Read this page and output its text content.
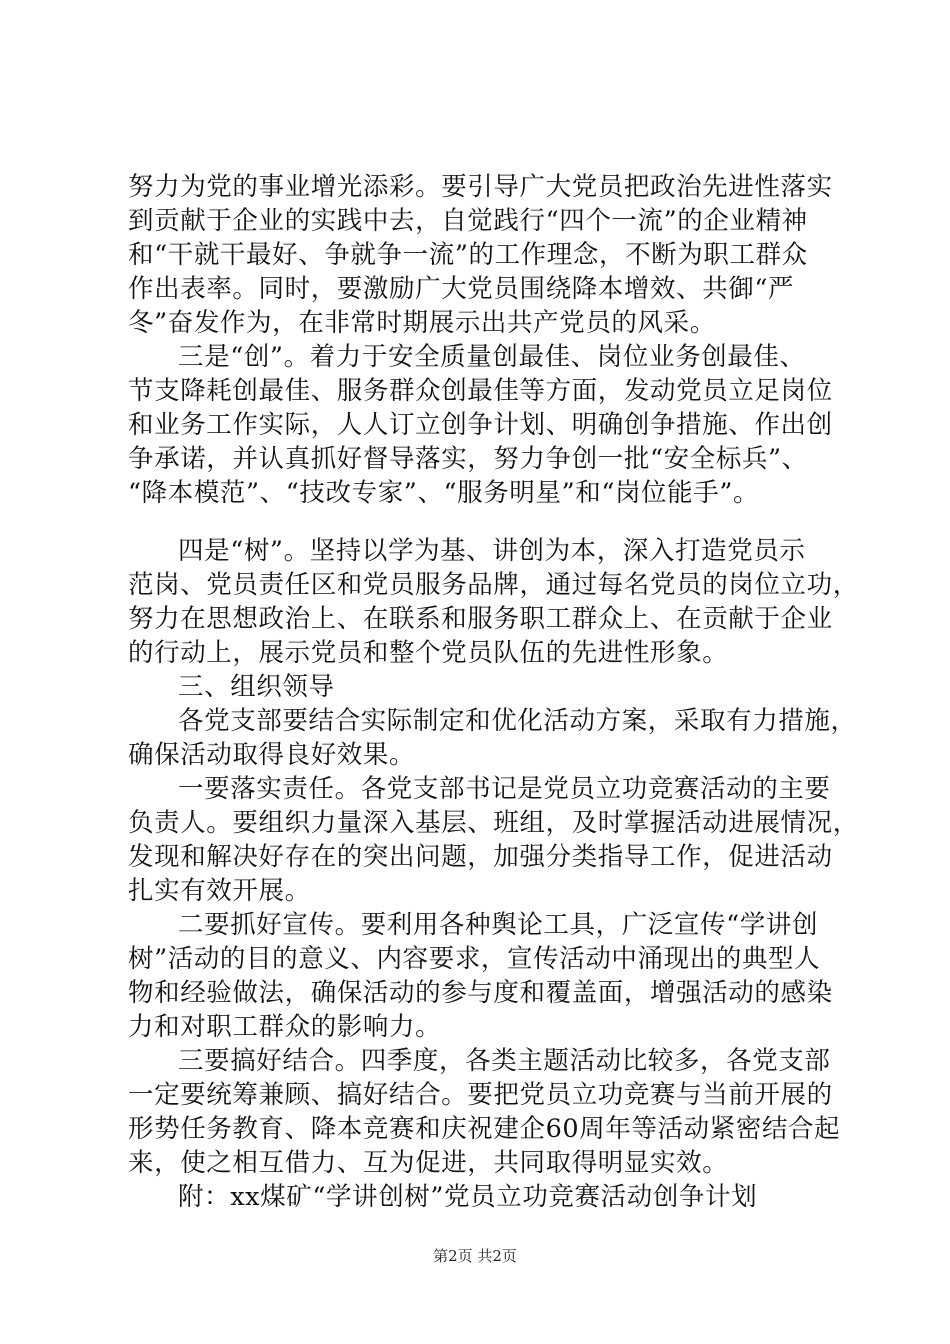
努力为党的事业增光添彩。要引导广大党员把政治先进性落实
到贡献于企业的实践中去，自觉践行“四个一流”的企业精神
和“干就干最好、争就争一流”的工作理念，不断为职工群众
作出表率。同时，要激励广大党员围绕降本增效、共御“严
冬”奋发作为，在非常时期展示出共产党员的风采。
三是“创”。着力于安全质量创最佳、岗位业务创最佳、
节支降耗创最佳、服务群众创最佳等方面，发动党员立足岗位
和业务工作实际，人人订立创争计划、明确创争措施、作出创
争承诺，并认真抓好督导落实，努力争创一批“安全标兵”、
“降本模范”、“技改专家”、“服务明星”和“岗位能手”。
四是“树”。坚持以学为基、讲创为本，深入打造党员示
范岗、党员责任区和党员服务品牌，通过每名党员的岗位立功，
努力在思想政治上、在联系和服务职工群众上、在贡献于企业
的行动上，展示党员和整个党员队伍的先进性形象。
三、组织领导
各党支部要结合实际制定和优化活动方案，采取有力措施，
确保活动取得良好效果。
一要落实责任。各党支部书记是党员立功竞赛活动的主要
负责人。要组织力量深入基层、班组，及时掌握活动进展情况，
发现和解决好存在的突出问题，加强分类指导工作，促进活动
扎实有效开展。
二要抓好宣传。要利用各种舆论工具，广泛宣传“学讲创
树”活动的目的意义、内容要求，宣传活动中涌现出的典型人
物和经验做法，确保活动的参与度和覆盖面，增强活动的感染
力和对职工群众的影响力。
三要搞好结合。四季度，各类主题活动比较多，各党支部
一定要统筹兼顾、搞好结合。要把党员立功竞赛与当前开展的
形势任务教育、降本竞赛和庆祝建企60周年等活动紧密结合起
来，使之相互借力、互为促进，共同取得明显实效。
附：xx煤矿“学讲创树”党员立功竞赛活动创争计划
第2页 共2页
